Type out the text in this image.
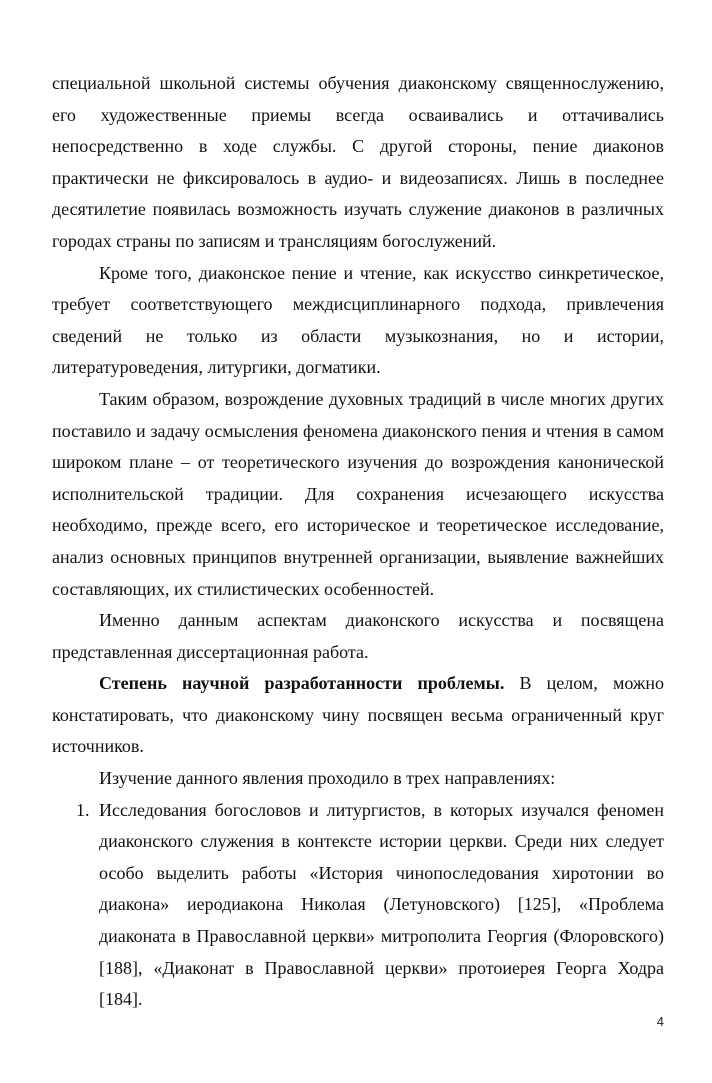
специальной школьной системы обучения диаконскому священнослужению, его художественные приемы всегда осваивались и оттачивались непосредственно в ходе службы. С другой стороны, пение диаконов практически не фиксировалось в аудио- и видеозаписях. Лишь в последнее десятилетие появилась возможность изучать служение диаконов в различных городах страны по записям и трансляциям богослужений.

Кроме того, диаконское пение и чтение, как искусство синкретическое, требует соответствующего междисциплинарного подхода, привлечения сведений не только из области музыкознания, но и истории, литературоведения, литургики, догматики.

Таким образом, возрождение духовных традиций в числе многих других поставило и задачу осмысления феномена диаконского пения и чтения в самом широком плане – от теоретического изучения до возрождения канонической исполнительской традиции. Для сохранения исчезающего искусства необходимо, прежде всего, его историческое и теоретическое исследование, анализ основных принципов внутренней организации, выявление важнейших составляющих, их стилистических особенностей.

Именно данным аспектам диаконского искусства и посвящена представленная диссертационная работа.

Степень научной разработанности проблемы. В целом, можно констатировать, что диаконскому чину посвящен весьма ограниченный круг источников.

Изучение данного явления проходило в трех направлениях:

1. Исследования богословов и литургистов, в которых изучался феномен диаконского служения в контексте истории церкви. Среди них следует особо выделить работы «История чинопоследования хиротонии во диакона» иеродиакона Николая (Летуновского) [125], «Проблема диаконата в Православной церкви» митрополита Георгия (Флоровского) [188], «Диаконат в Православной церкви» протоиерея Георга Ходра [184].
4
